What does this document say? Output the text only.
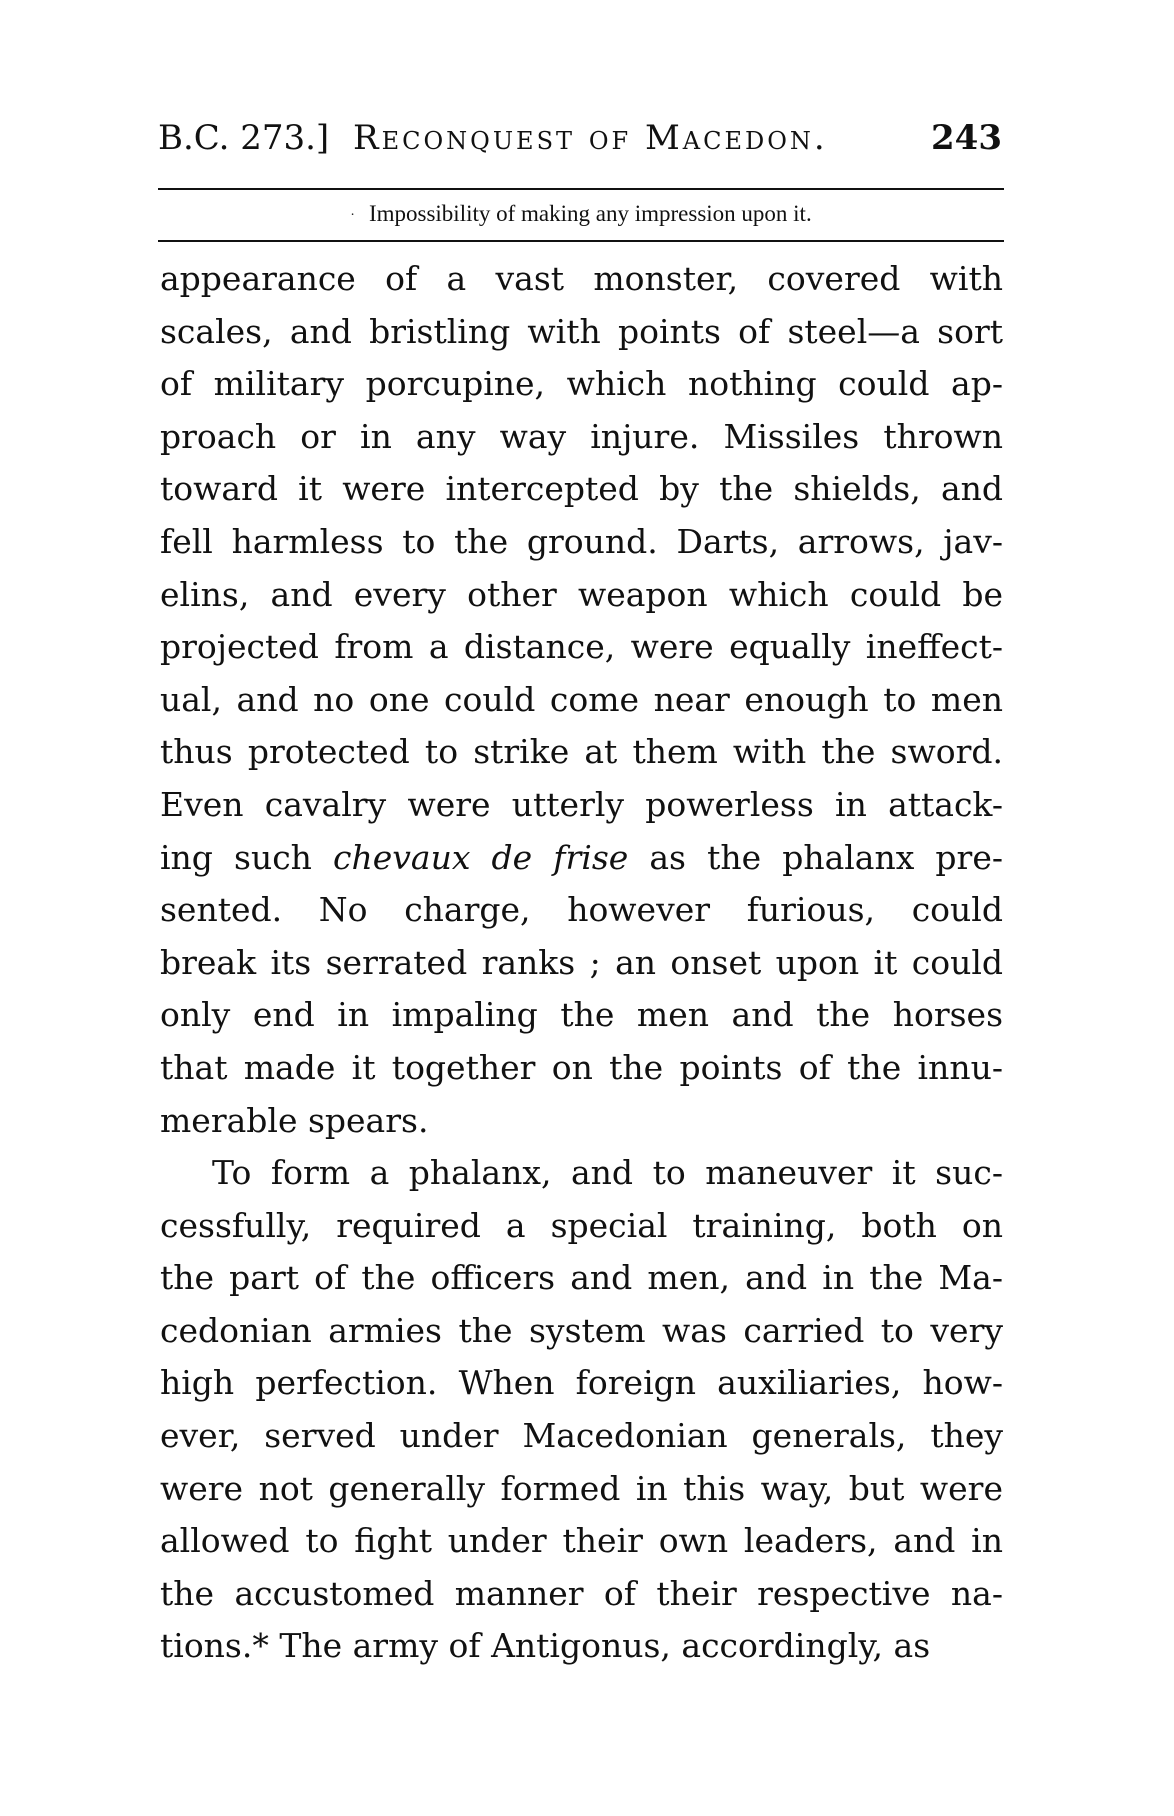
B.C. 273.] Reconquest of Macedon.	243
· Impossibility of making any impression upon it.
appearance of a vast monster, covered with
scales, and bristling with points of steel—a sort
of military porcupine, which nothing could ap-
proach or in any way injure. Missiles thrown
toward it were intercepted by the shields, and
fell harmless to the ground. Darts, arrows, jav-
elins, and every other weapon which could be
projected from a distance, were equally ineffect-
ual, and no one could come near enough to men
thus protected to strike at them with the sword.
Even cavalry were utterly powerless in attack-
ing such chevaux de frise as the phalanx pre-
sented. No charge, however furious, could
break its serrated ranks ; an onset upon it could
only end in impaling the men and the horses
that made it together on the points of the innu-
merable spears.
To form a phalanx, and to maneuver it suc-
cessfully, required a special training, both on
the part of the officers and men, and in the Ma-
cedonian armies the system was carried to very
high perfection. When foreign auxiliaries, how-
ever, served under Macedonian generals, they
were not generally formed in this way, but were
allowed to fight under their own leaders, and in
the accustomed manner of their respective na-
tions.* The army of Antigonus, accordingly, as
